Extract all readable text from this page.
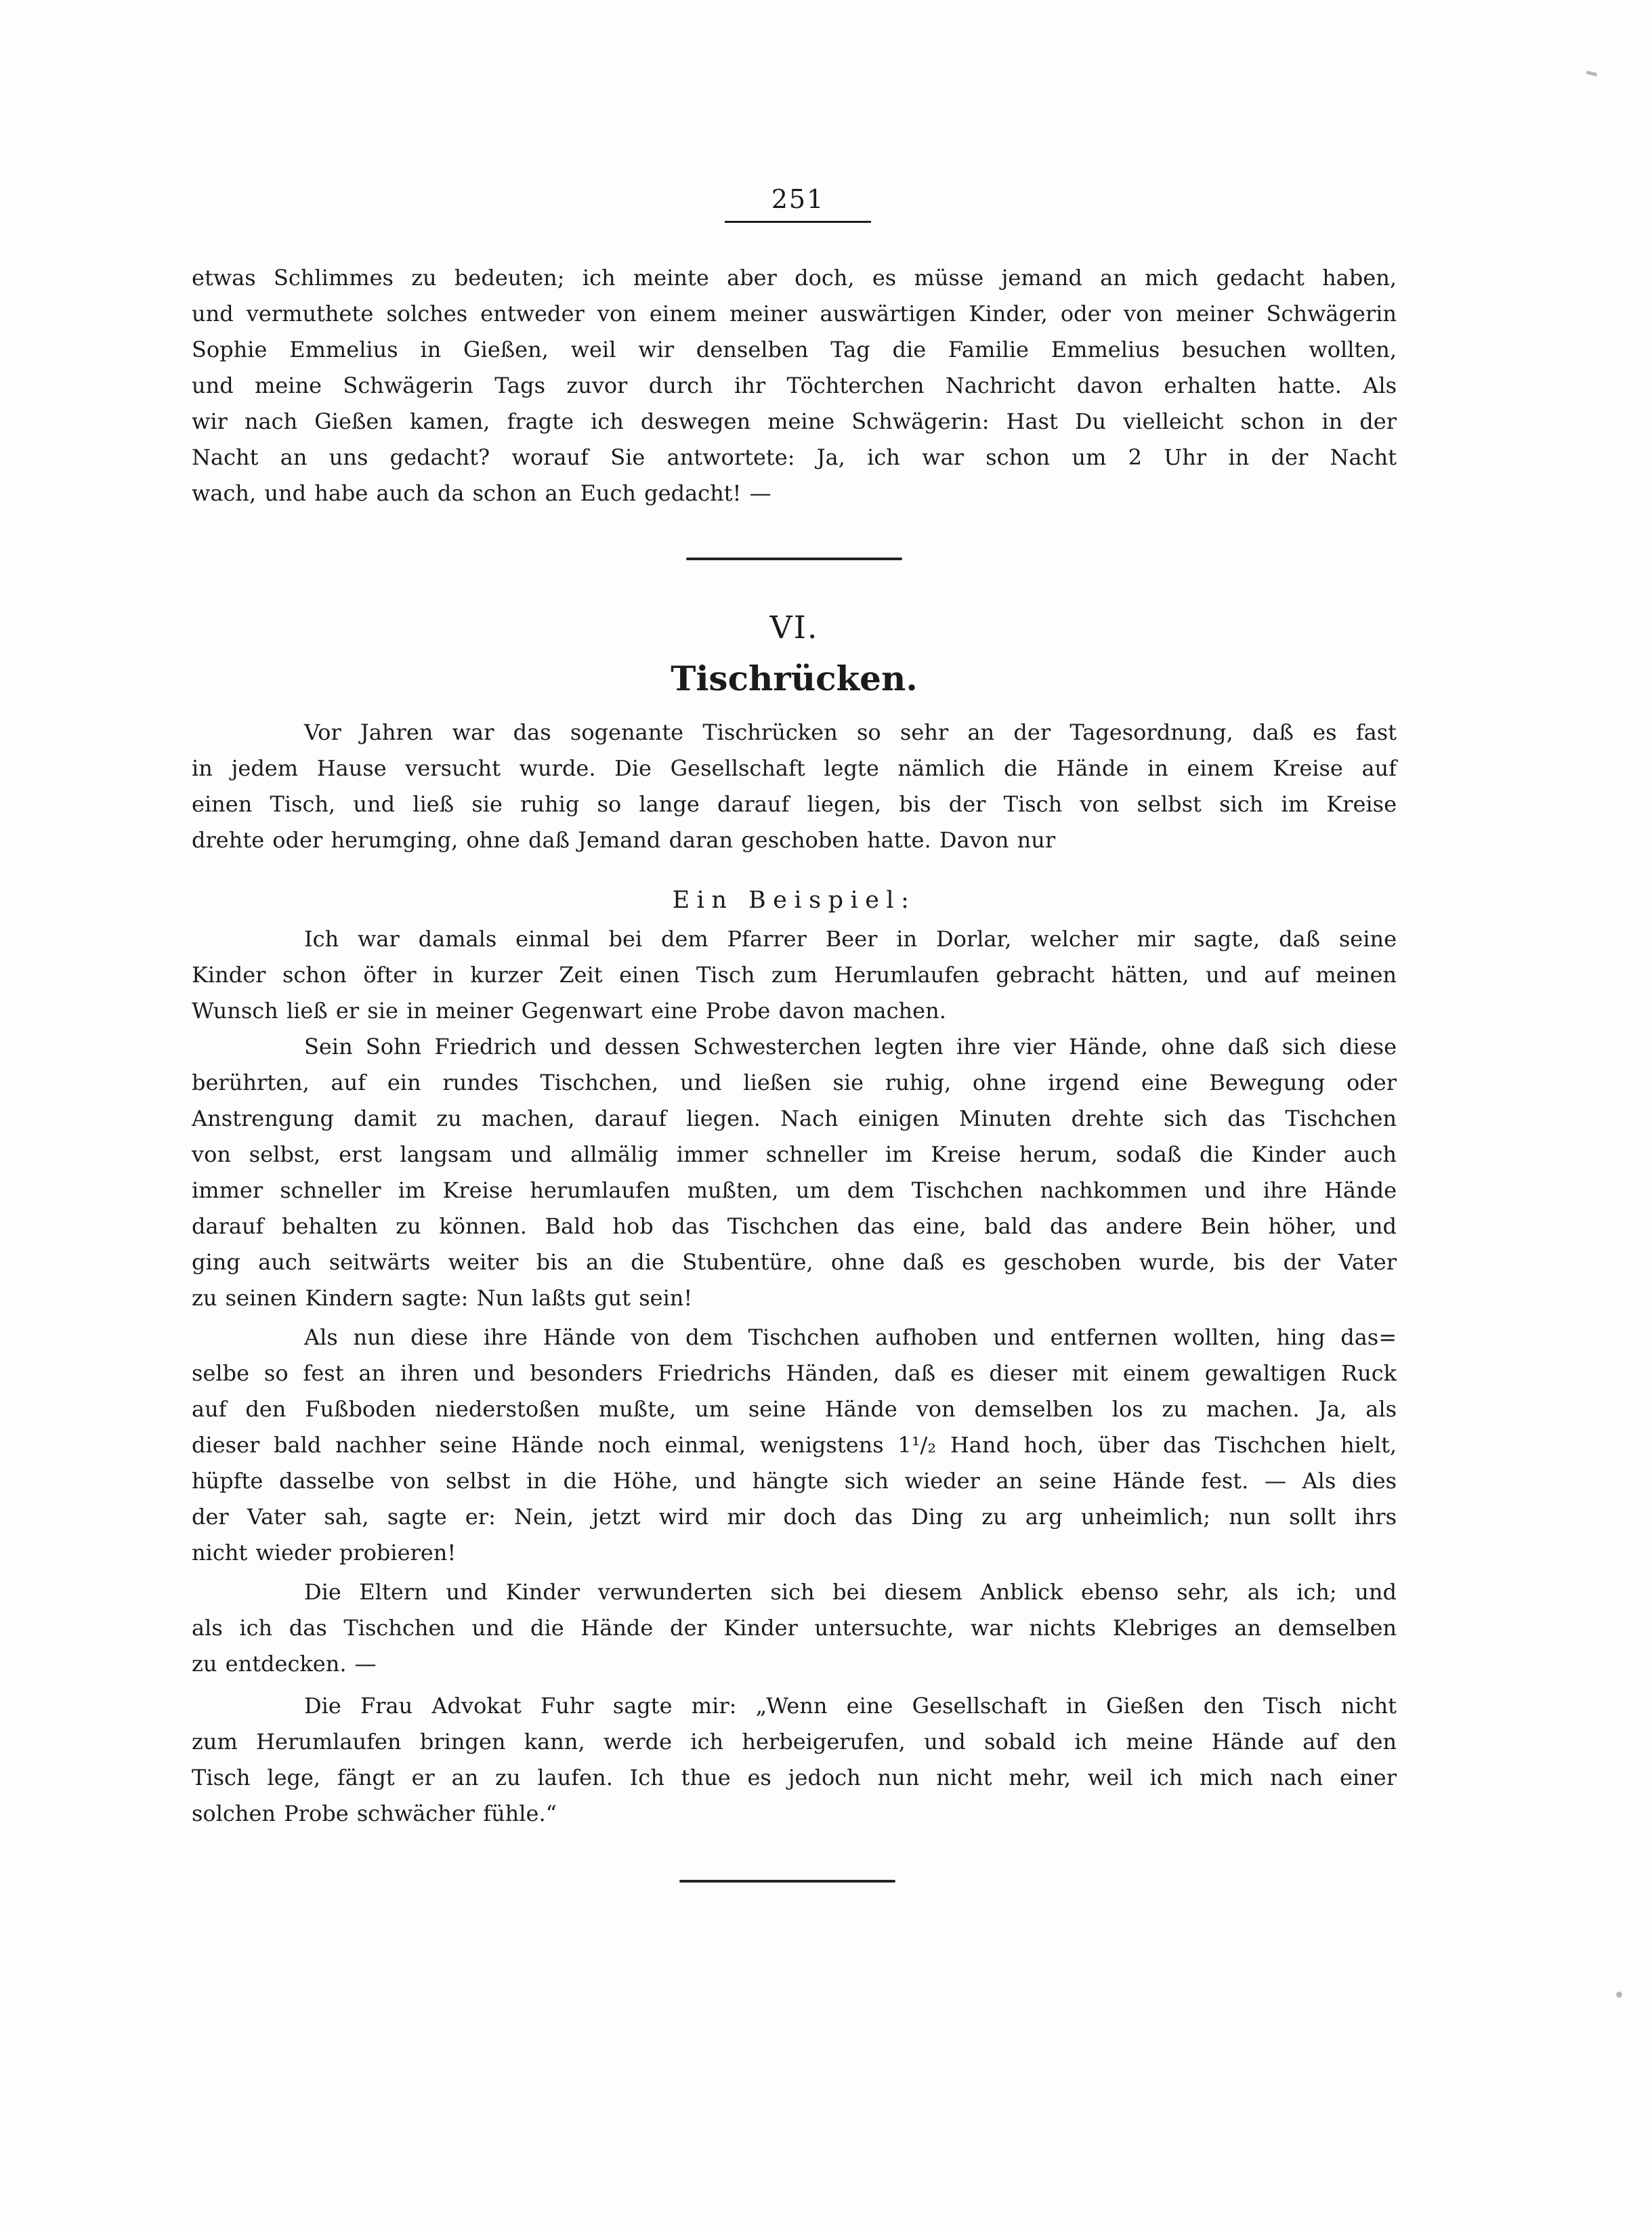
251
etwas Schlimmes zu bedeuten; ich meinte aber doch, es müsse jemand an mich gedacht haben,
und vermuthete solches entweder von einem meiner auswärtigen Kinder, oder von meiner Schwägerin
Sophie Emmelius in Gießen, weil wir denselben Tag die Familie Emmelius besuchen wollten,
und meine Schwägerin Tags zuvor durch ihr Töchterchen Nachricht davon erhalten hatte. Als
wir nach Gießen kamen, fragte ich deswegen meine Schwägerin: Hast Du vielleicht schon in der
Nacht an uns gedacht? worauf Sie antwortete: Ja, ich war schon um 2 Uhr in der Nacht
wach, und habe auch da schon an Euch gedacht! —
VI.
Tischrücken.
Vor Jahren war das sogenante Tischrücken so sehr an der Tagesordnung, daß es fast
in jedem Hause versucht wurde. Die Gesellschaft legte nämlich die Hände in einem Kreise auf
einen Tisch, und ließ sie ruhig so lange darauf liegen, bis der Tisch von selbst sich im Kreise
drehte oder herumging, ohne daß Jemand daran geschoben hatte. Davon nur
Ein Beispiel:
Ich war damals einmal bei dem Pfarrer Beer in Dorlar, welcher mir sagte, daß seine
Kinder schon öfter in kurzer Zeit einen Tisch zum Herumlaufen gebracht hätten, und auf meinen
Wunsch ließ er sie in meiner Gegenwart eine Probe davon machen.
Sein Sohn Friedrich und dessen Schwesterchen legten ihre vier Hände, ohne daß sich diese
berührten, auf ein rundes Tischchen, und ließen sie ruhig, ohne irgend eine Bewegung oder
Anstrengung damit zu machen, darauf liegen. Nach einigen Minuten drehte sich das Tischchen
von selbst, erst langsam und allmälig immer schneller im Kreise herum, sodaß die Kinder auch
immer schneller im Kreise herumlaufen mußten, um dem Tischchen nachkommen und ihre Hände
darauf behalten zu können. Bald hob das Tischchen das eine, bald das andere Bein höher, und
ging auch seitwärts weiter bis an die Stubentüre, ohne daß es geschoben wurde, bis der Vater
zu seinen Kindern sagte: Nun laßts gut sein!
Als nun diese ihre Hände von dem Tischchen aufhoben und entfernen wollten, hing das=
selbe so fest an ihren und besonders Friedrichs Händen, daß es dieser mit einem gewaltigen Ruck
auf den Fußboden niederstoßen mußte, um seine Hände von demselben los zu machen. Ja, als
dieser bald nachher seine Hände noch einmal, wenigstens 1¹/₂ Hand hoch, über das Tischchen hielt,
hüpfte dasselbe von selbst in die Höhe, und hängte sich wieder an seine Hände fest. — Als dies
der Vater sah, sagte er: Nein, jetzt wird mir doch das Ding zu arg unheimlich; nun sollt ihrs
nicht wieder probieren!
Die Eltern und Kinder verwunderten sich bei diesem Anblick ebenso sehr, als ich; und
als ich das Tischchen und die Hände der Kinder untersuchte, war nichts Klebriges an demselben
zu entdecken. —
Die Frau Advokat Fuhr sagte mir: „Wenn eine Gesellschaft in Gießen den Tisch nicht
zum Herumlaufen bringen kann, werde ich herbeigerufen, und sobald ich meine Hände auf den
Tisch lege, fängt er an zu laufen. Ich thue es jedoch nun nicht mehr, weil ich mich nach einer
solchen Probe schwächer fühle.“
